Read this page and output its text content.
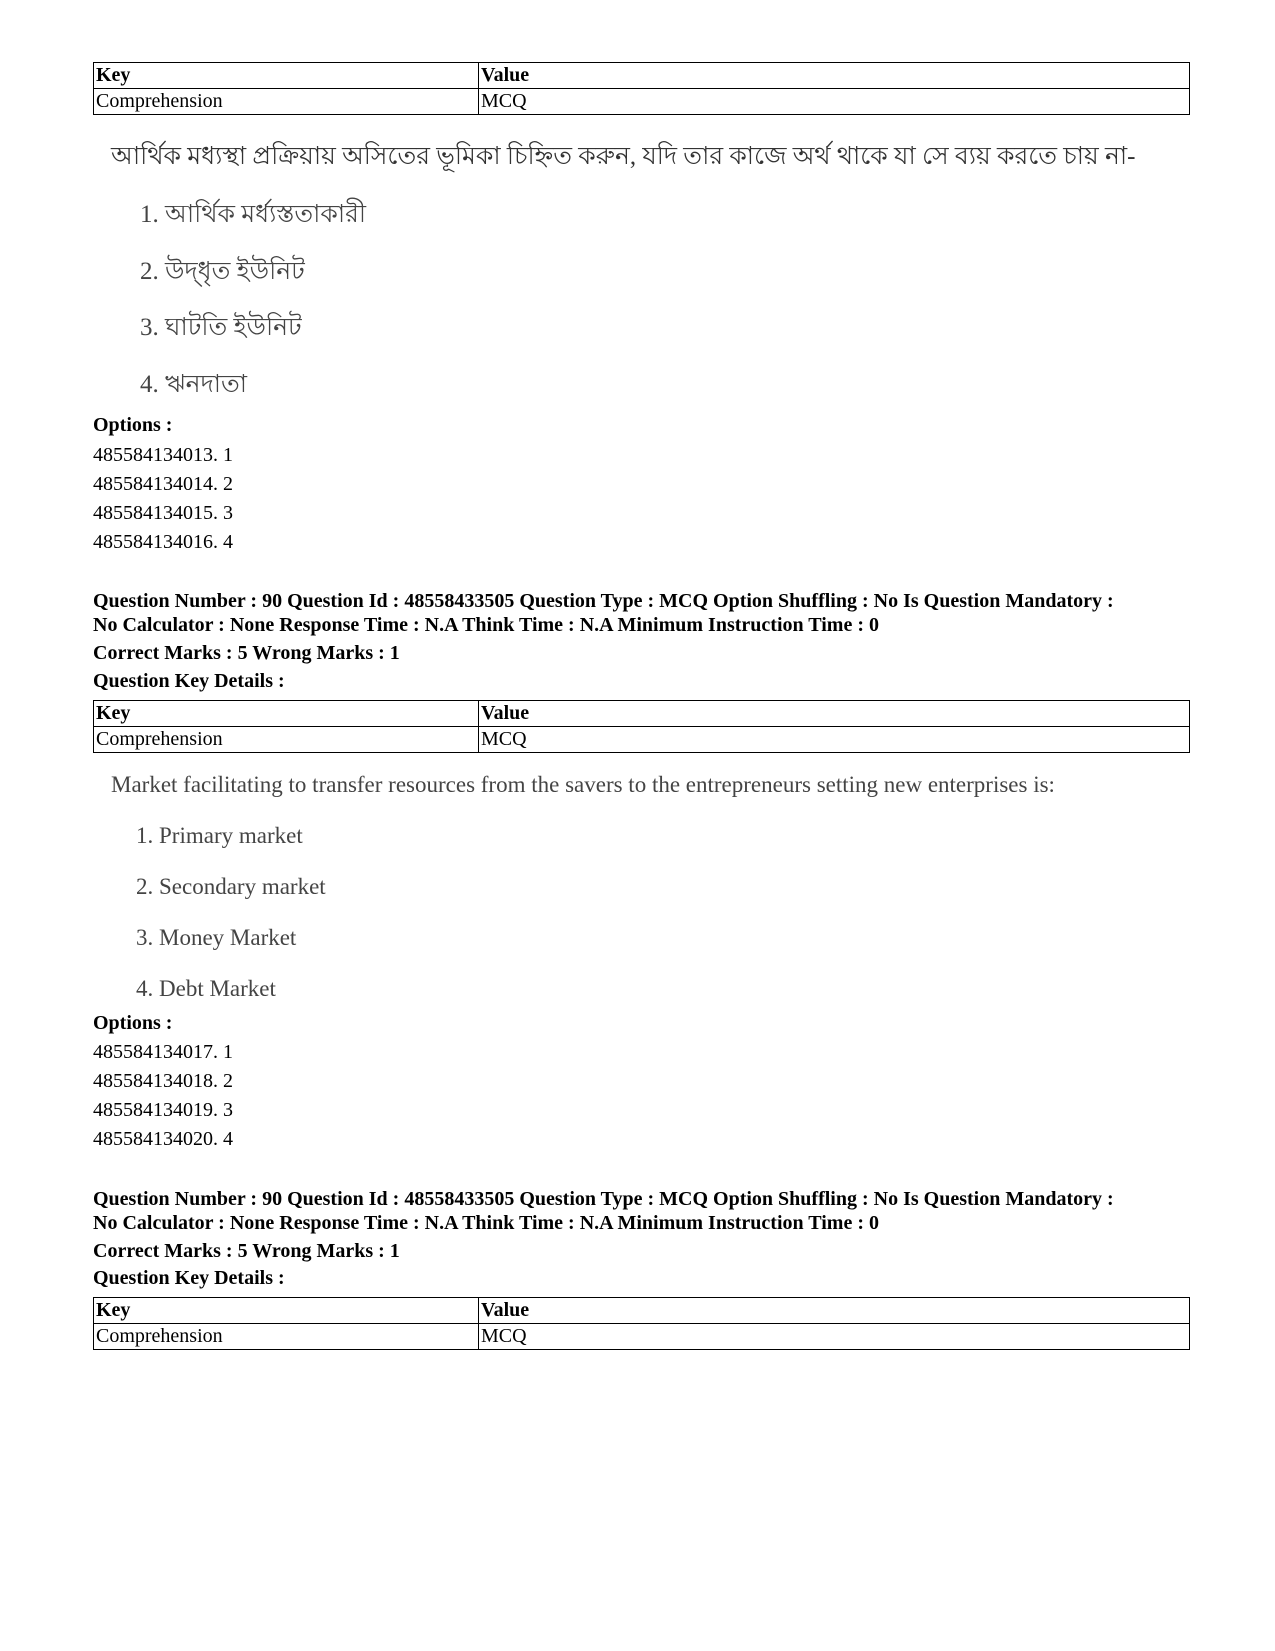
Key	Value
Comprehension	MCQ
আর্থিক মধ্যস্থা প্রক্রিয়ায় অসিতের ভূমিকা চিহ্নিত করুন, যদি তার কাজে অর্থ থাকে যা সে ব্যয় করতে চায় না-
1. আর্থিক মর্ধ্যস্ততাকারী
2. উদ্‌ধৃত ইউনিট
3. ঘাটতি ইউনিট
4. ঋনদাতা
Options :
485584134013. 1
485584134014. 2
485584134015. 3
485584134016. 4
Question Number : 90 Question Id : 48558433505 Question Type : MCQ Option Shuffling : No Is Question Mandatory :
No Calculator : None Response Time : N.A Think Time : N.A Minimum Instruction Time : 0
Correct Marks : 5 Wrong Marks : 1
Question Key Details :
Key	Value
Comprehension	MCQ
Market facilitating to transfer resources from the savers to the entrepreneurs setting new enterprises is:
1. Primary market
2. Secondary market
3. Money Market
4. Debt Market
Options :
485584134017. 1
485584134018. 2
485584134019. 3
485584134020. 4
Question Number : 90 Question Id : 48558433505 Question Type : MCQ Option Shuffling : No Is Question Mandatory :
No Calculator : None Response Time : N.A Think Time : N.A Minimum Instruction Time : 0
Correct Marks : 5 Wrong Marks : 1
Question Key Details :
Key	Value
Comprehension	MCQ
